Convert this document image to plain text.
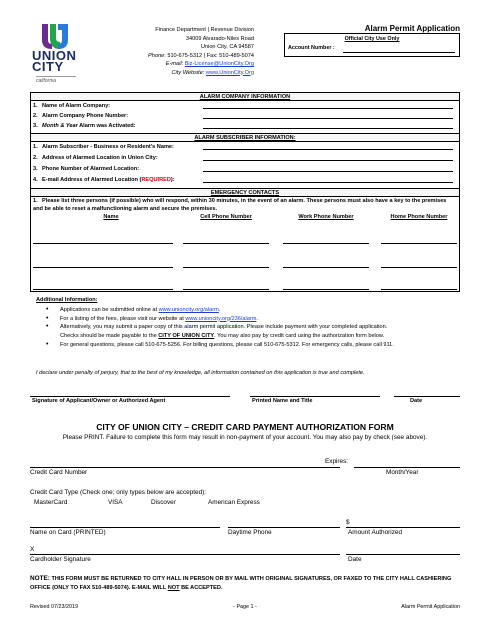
UNION
CITY
california
Finance Department | Revenue Division
34009 Alvarado-Niles Road
Union City, CA 94587
Phone: 510-675-5312 | Fax: 510-489-5074
E-mail: Biz-License@UnionCity.Org
City Website: www.UnionCity.Org
Alarm Permit Application
Official City Use Only
Account Number :
ALARM COMPANY INFORMATION
1. Name of Alarm Company:
2. Alarm Company Phone Number:
3. Month & Year Alarm was Activated:
ALARM SUBSCRIBER INFORMATION:
1. Alarm Subscriber - Business or Resident's Name:
2. Address of Alarmed Location in Union City:
3. Phone Number of Alarmed Location:
4. E-mail Address of Alarmed Location (REQUIRED):
EMERGENCY CONTACTS
1. Please list three persons (if possible) who will respond, within 30 minutes, in the event of an alarm. These persons must also have a key to the premises and be able to reset a malfunctioning alarm and secure the premises.
Name	Cell Phone Number	Work Phone Number	Home Phone Number
Additional Information:
• Applications can be submitted online at www.unioncity.org/alarm.
• For a listing of the fees, please visit our website at www.unioncity.org/236/alarm.
• Alternatively, you may submit a paper copy of this alarm permit application. Please include payment with your completed application.
Checks should be made payable to the CITY OF UNION CITY. You may also pay by credit card using the authorization form below.
• For general questions, please call 510-675-5256. For billing questions, please call 510-675-5312. For emergency calls, please call 911.
I declare under penalty of perjury, that to the best of my knowledge, all information contained on this application is true and complete.
Signature of Applicant/Owner or Authorized Agent	Printed Name and Title	Date
CITY OF UNION CITY – CREDIT CARD PAYMENT AUTHORIZATION FORM
Please PRINT. Failure to complete this form may result in non-payment of your account. You may also pay by check (see above).
Expires:
Credit Card Number	Month/Year
Credit Card Type (Check one; only types below are accepted):
MasterCard	VISA	Discover	American Express
$
Name on Card (PRINTED)	Daytime Phone	Amount Authorized
X
Cardholder Signature	Date
NOTE: THIS FORM MUST BE RETURNED TO CITY HALL IN PERSON OR BY MAIL WITH ORIGINAL SIGNATURES, OR FAXED TO THE CITY HALL CASHIERING OFFICE (ONLY TO FAX 510-489-5074). E-MAIL WILL NOT BE ACCEPTED.
Revised 07/23/2019	- Page 1 -	Alarm Permit Application
